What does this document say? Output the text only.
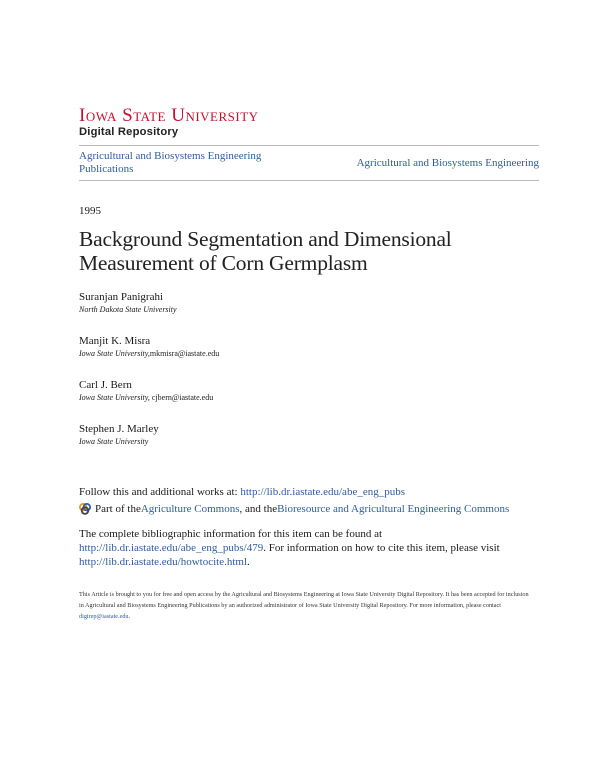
Iowa State University
Digital Repository
Agricultural and Biosystems Engineering Publications	Agricultural and Biosystems Engineering
1995
Background Segmentation and Dimensional Measurement of Corn Germplasm
Suranjan Panigrahi
North Dakota State University
Manjit K. Misra
Iowa State University,mkmisra@iastate.edu
Carl J. Bern
Iowa State University, cjbern@iastate.edu
Stephen J. Marley
Iowa State University
Follow this and additional works at: http://lib.dr.iastate.edu/abe_eng_pubs
Part of the Agriculture Commons , and the Bioresource and Agricultural Engineering Commons
The complete bibliographic information for this item can be found at http://lib.dr.iastate.edu/abe_eng_pubs/479. For information on how to cite this item, please visit http://lib.dr.iastate.edu/howtocite.html.
This Article is brought to you for free and open access by the Agricultural and Biosystems Engineering at Iowa State University Digital Repository. It has been accepted for inclusion in Agricultural and Biosystems Engineering Publications by an authorized administrator of Iowa State University Digital Repository. For more information, please contact digirep@iastate.edu.
